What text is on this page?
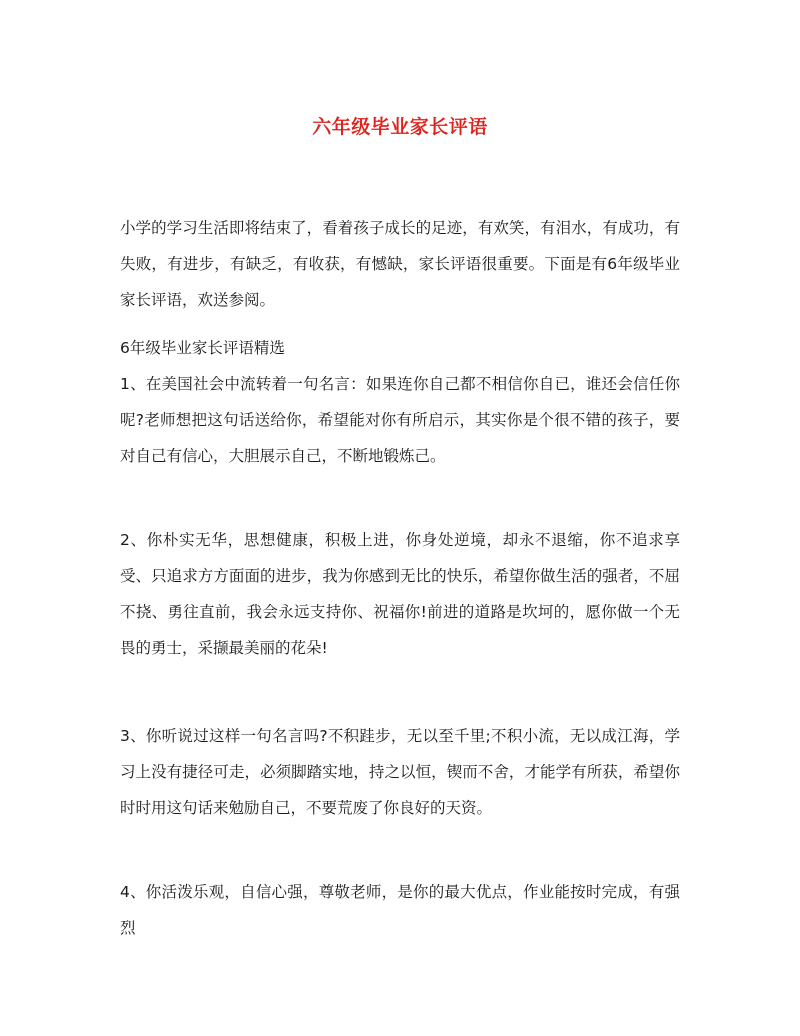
六年级毕业家长评语
小学的学习生活即将结束了，看着孩子成长的足迹，有欢笑，有泪水，有成功，有失败，有进步，有缺乏，有收获，有憾缺，家长评语很重要。下面是有6年级毕业家长评语，欢送参阅。
6年级毕业家长评语精选
1、在美国社会中流转着一句名言：如果连你自己都不相信你自已，谁还会信任你呢?老师想把这句话送给你，希望能对你有所启示，其实你是个很不错的孩子，要对自己有信心，大胆展示自己，不断地锻炼己。
2、你朴实无华，思想健康，积极上进，你身处逆境，却永不退缩，你不追求享受、只追求方方面面的进步，我为你感到无比的快乐，希望你做生活的强者，不屈不挠、勇往直前，我会永远支持你、祝福你!前进的道路是坎坷的，愿你做一个无畏的勇士，采撷最美丽的花朵!
3、你听说过这样一句名言吗?不积跬步，无以至千里;不积小流，无以成江海，学习上没有捷径可走，必须脚踏实地，持之以恒，锲而不舍，才能学有所获，希望你时时用这句话来勉励自己，不要荒废了你良好的天资。
4、你活泼乐观，自信心强，尊敬老师，是你的最大优点，作业能按时完成，有强烈
